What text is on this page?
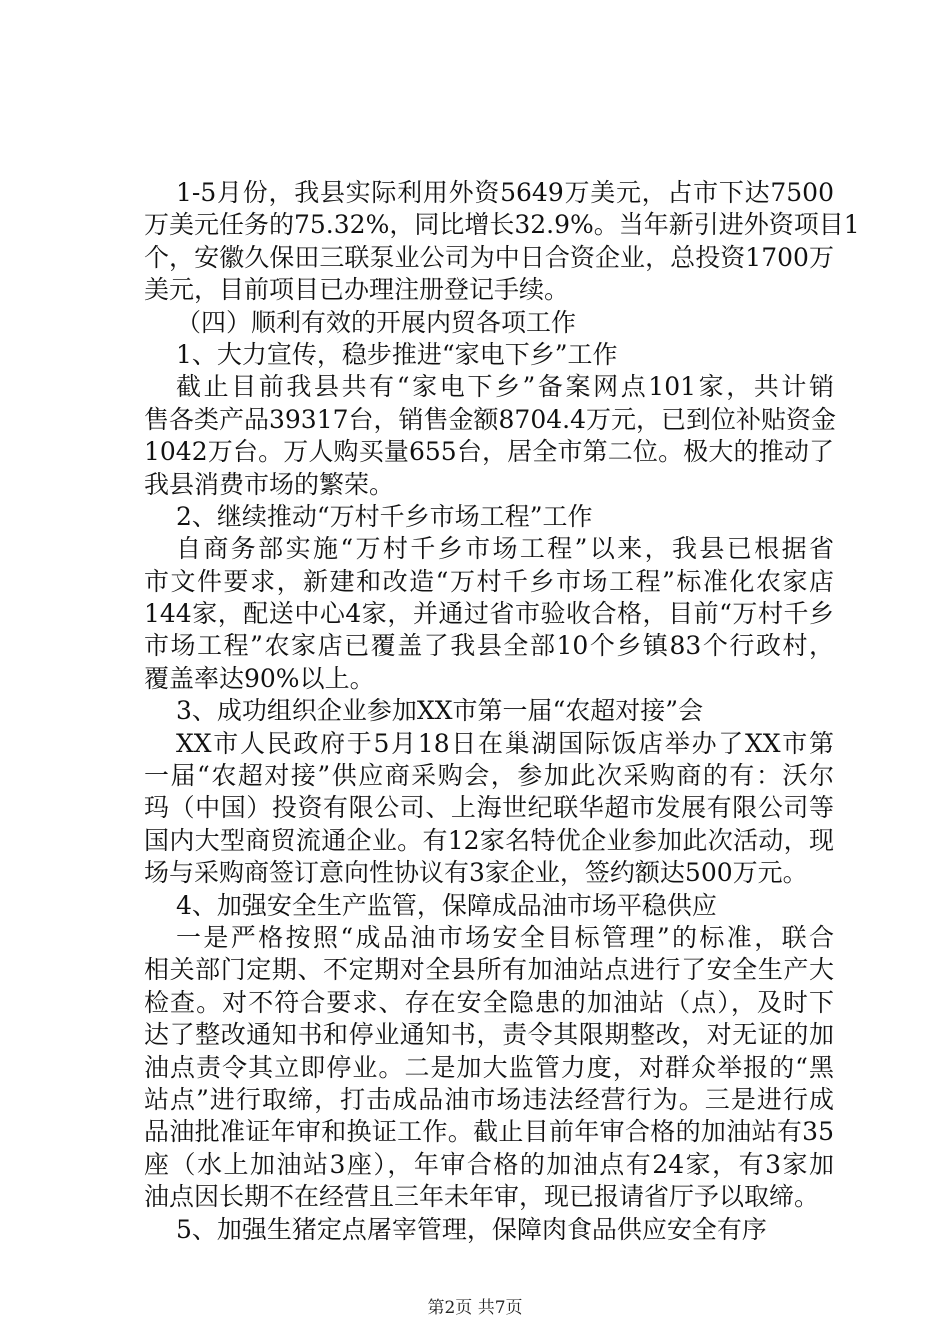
1-5月份，我县实际利用外资5649万美元，占市下达7500
万美元任务的75.32%，同比增长32.9%。当年新引进外资项目1
个，安徽久保田三联泵业公司为中日合资企业，总投资1700万
美元，目前项目已办理注册登记手续。
（四）顺利有效的开展内贸各项工作
1、大力宣传，稳步推进“家电下乡”工作
截止目前我县共有“家电下乡”备案网点101家，共计销
售各类产品39317台，销售金额8704.4万元，已到位补贴资金
1042万台。万人购买量655台，居全市第二位。极大的推动了
我县消费市场的繁荣。
2、继续推动“万村千乡市场工程”工作
自商务部实施“万村千乡市场工程”以来，我县已根据省
市文件要求，新建和改造“万村千乡市场工程”标准化农家店
144家，配送中心4家，并通过省市验收合格，目前“万村千乡
市场工程”农家店已覆盖了我县全部10个乡镇83个行政村，
覆盖率达90%以上。
3、成功组织企业参加XX市第一届“农超对接”会
XX市人民政府于5月18日在巢湖国际饭店举办了XX市第
一届“农超对接”供应商采购会，参加此次采购商的有：沃尔
玛（中国）投资有限公司、上海世纪联华超市发展有限公司等
国内大型商贸流通企业。有12家名特优企业参加此次活动，现
场与采购商签订意向性协议有3家企业，签约额达500万元。
4、加强安全生产监管，保障成品油市场平稳供应
一是严格按照“成品油市场安全目标管理”的标准，联合
相关部门定期、不定期对全县所有加油站点进行了安全生产大
检查。对不符合要求、存在安全隐患的加油站（点），及时下
达了整改通知书和停业通知书，责令其限期整改，对无证的加
油点责令其立即停业。二是加大监管力度，对群众举报的“黑
站点”进行取缔，打击成品油市场违法经营行为。三是进行成
品油批准证年审和换证工作。截止目前年审合格的加油站有35
座（水上加油站3座），年审合格的加油点有24家，有3家加
油点因长期不在经营且三年未年审，现已报请省厅予以取缔。
5、加强生猪定点屠宰管理，保障肉食品供应安全有序
第2页 共7页
